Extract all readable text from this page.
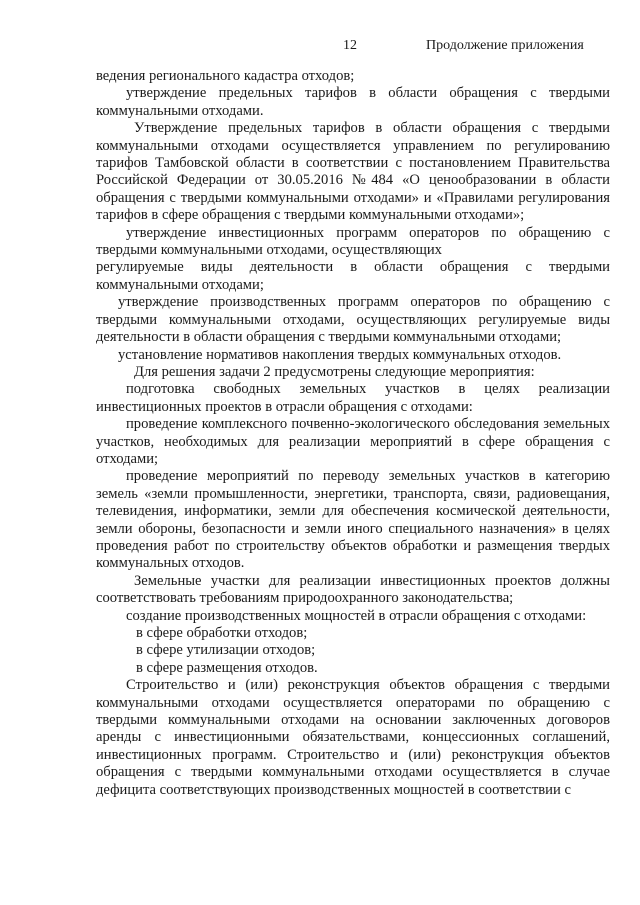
12	Продолжение приложения

ведения регионального кадастра отходов;

утверждение предельных тарифов в области обращения с твердыми коммунальными отходами.

Утверждение предельных тарифов в области обращения с твердыми коммунальными отходами осуществляется управлением по регулированию тарифов Тамбовской области в соответствии с постановлением Правительства Российской Федерации от 30.05.2016 №484 «О ценообразовании в области обращения с твердыми коммунальными отходами» и «Правилами регулирования тарифов в сфере обращения с твердыми коммунальными отходами»;

утверждение инвестиционных программ операторов по обращению с твердыми коммунальными отходами, осуществляющих

регулируемые виды деятельности в области обращения с твердыми коммунальными отходами;

утверждение производственных программ операторов по обращению с твердыми коммунальными отходами, осуществляющих регулируемые виды деятельности в области обращения с твердыми коммунальными отходами;

установление нормативов накопления твердых коммунальных отходов.

Для решения задачи 2 предусмотрены следующие мероприятия:

подготовка свободных земельных участков в целях реализации инвестиционных проектов в отрасли обращения с отходами:

проведение комплексного почвенно-экологического обследования земельных участков, необходимых для реализации мероприятий в сфере обращения с отходами;

проведение мероприятий по переводу земельных участков в категорию земель «земли промышленности, энергетики, транспорта, связи, радиовещания, телевидения, информатики, земли для обеспечения космической деятельности, земли обороны, безопасности и земли иного специального назначения» в целях проведения работ по строительству объектов обработки и размещения твердых коммунальных отходов.

Земельные участки для реализации инвестиционных проектов должны соответствовать требованиям природоохранного законодательства;

создание производственных мощностей в отрасли обращения с отходами:

в сфере обработки отходов;

в сфере утилизации отходов;

в сфере размещения отходов.

Строительство и (или) реконструкция объектов обращения с твердыми коммунальными отходами осуществляется операторами по обращению с твердыми коммунальными отходами на основании заключенных договоров аренды с инвестиционными обязательствами, концессионных соглашений, инвестиционных программ. Строительство и (или) реконструкция объектов обращения с твердыми коммунальными отходами осуществляется в случае дефицита соответствующих производственных мощностей в соответствии с
